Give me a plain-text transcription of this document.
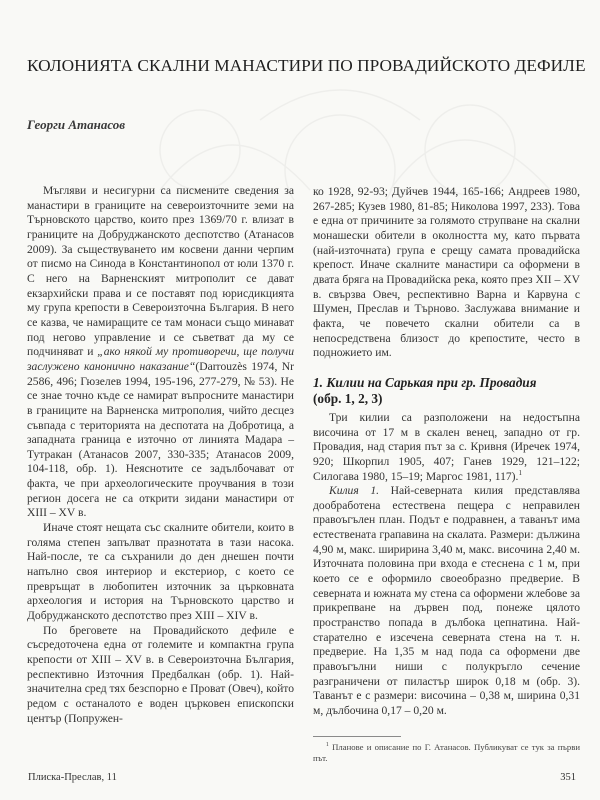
КОЛОНИЯТА СКАЛНИ МАНАСТИРИ ПО ПРОВАДИЙСКОТО ДЕФИЛЕ
Георги Атанасов

Мъгляви и несигурни са писмените сведения за манастири в границите на североизточните земи на Търновското царство, които през 1369/70 г. влизат в границите на Добруджанското деспотство (Атанасов 2009). За съществуването им косвени данни черпим от писмо на Синода в Константинопол от юли 1370 г. С него на Варненският митрополит се дават екзархийски права и се поставят под юрисдикцията му група крепости в Североизточна България. В него се казва, че намиращите се там монаси също минават под негово управление и се съветват да му се подчиняват и „ако някой му противоречи, ще получи заслужено канонично наказание“(Darrouzès 1974, Nr 2586, 496; Гюзелев 1994, 195-196, 277-279, № 53). Не се знае точно къде се намират въпросните манастири в границите на Варненска митрополия, чийто десцез съвпада с територията на деспотата на Добротица, а западната граница е източно от линията Мадара – Тутракан (Атанасов 2007, 330-335; Атанасов 2009, 104-118, обр. 1). Неяснотите се задълбочават от факта, че при археологическите проучвания в този регион досега не са открити зидани манастири от XIII – XV в.

Иначе стоят нещата със скалните обители, които в голяма степен запълват празнотата в тази насока. Най-после, те са съхранили до ден днешен почти напълно своя интериор и екстериор, с което се превръщат в любопитен източник за църковната археология и история на Търновското царство и Добруджанското деспотство през XIII – XIV в.

По бреговете на Провадийското дефиле е съсредоточена една от големите и компактна група крепости от XIII – XV в. в Североизточна България, респективно Източния Предбалкан (обр. 1). Най-значителна сред тях безспорно е Проват (Овеч), който редом с останалото е воден църковен епископски център (Попружен-

ко 1928, 92-93; Дуйчев 1944, 165-166; Андреев 1980, 267-285; Кузев 1980, 81-85; Николова 1997, 233). Това е една от причините за голямото струпване на скални монашески обители в околността му, като първата (най-източната) група е срещу самата провадийска крепост. Иначе скалните манастири са оформени в двата бряга на Провадийска река, която през XII – XV в. свързва Овеч, респективно Варна и Карвуна с Шумен, Преслав и Търново. Заслужава внимание и факта, че повечето скални обители са в непосредствена близост до крепостите, често в подножието им.

1. Килии на Сарькая при гр. Провадия
(обр. 1, 2, 3)

Три килии са разположени на недостъпна височина от 17 м в скален венец, западно от гр. Провадия, над стария път за с. Кривня (Иречек 1974, 920; Шкорпил 1905, 407; Ганев 1929, 121–122; Силогава 1980, 15–19; Маргос 1981, 117).$^1$

Килия 1. Най-северната килия представлява дообработена естествена пещера с неправилен правоъгълен план. Подът е подравнен, а таванът има естествената грапавина на скалата. Размери: дължина 4,90 м, макс. ширирина 3,40 м, макс. височина 2,40 м. Източната половина при входа е стеснена с 1 м, при което се е оформило своеобразно предверие. В северната и южната му стена са оформени жлебове за прикрепване на дървен под, понеже цялото пространство попада в дълбока цепнатина. Най-старателно е изсечена северната стена на т. н. предверие. На 1,35 м над пода са оформени две правоъгълни ниши с полукръгло сечение разграничени от пиластър широк 0,18 м (обр. 3). Таванът е с размери: височина – 0,38 м, ширина 0,31 м, дълбочина 0,17 – 0,20 м.

$^1$ Планове и описание по Г. Атанасов. Публикуват се тук за първи път.
Плиска-Преслав, 11	351
